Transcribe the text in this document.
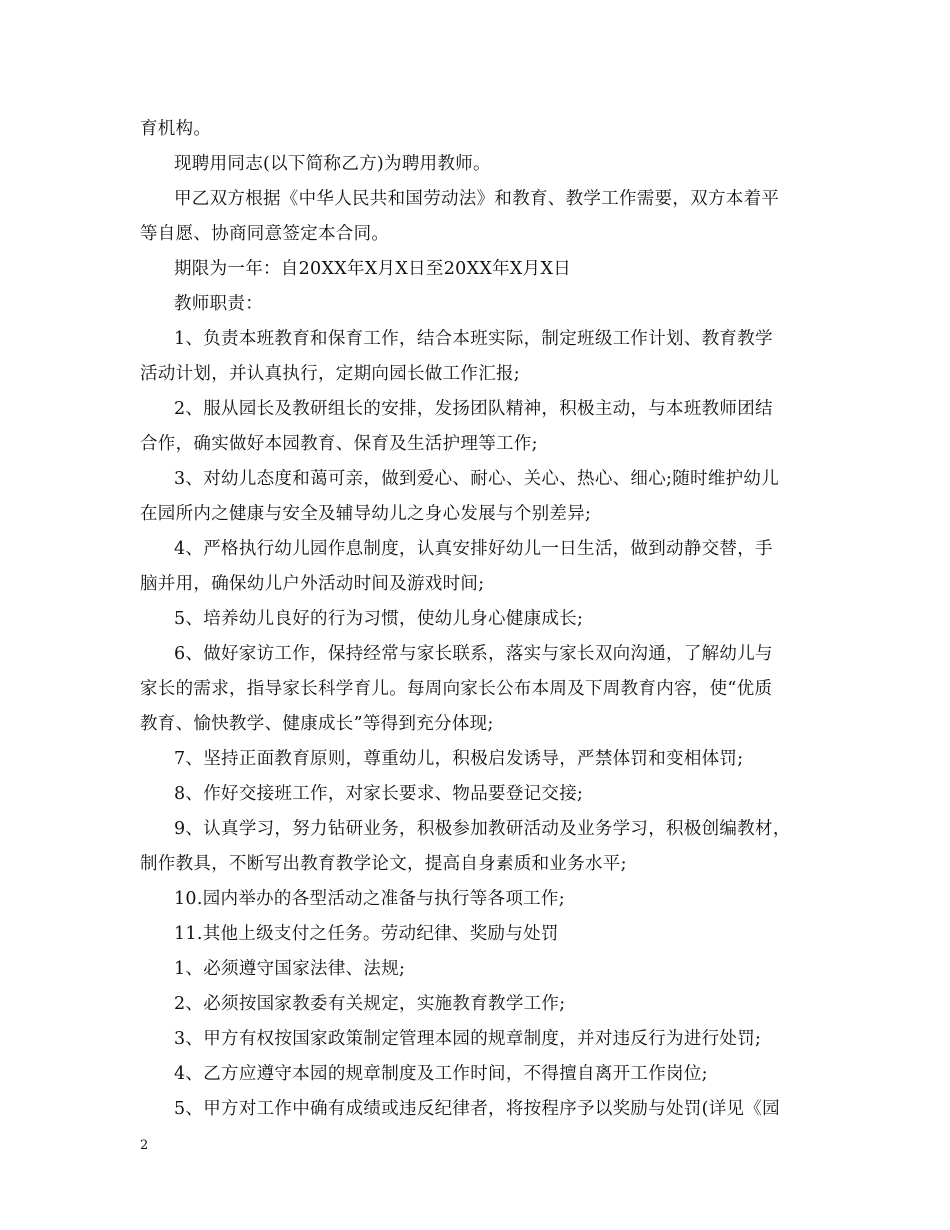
育机构。
现聘用同志(以下简称乙方)为聘用教师。
甲乙双方根据《中华人民共和国劳动法》和教育、教学工作需要，双方本着平
等自愿、协商同意签定本合同。
期限为一年：自20XX年X月X日至20XX年X月X日
教师职责：
1、负责本班教育和保育工作，结合本班实际，制定班级工作计划、教育教学
活动计划，并认真执行，定期向园长做工作汇报;
2、服从园长及教研组长的安排，发扬团队精神，积极主动，与本班教师团结
合作，确实做好本园教育、保育及生活护理等工作;
3、对幼儿态度和蔼可亲，做到爱心、耐心、关心、热心、细心;随时维护幼儿
在园所内之健康与安全及辅导幼儿之身心发展与个别差异;
4、严格执行幼儿园作息制度，认真安排好幼儿一日生活，做到动静交替，手
脑并用，确保幼儿户外活动时间及游戏时间;
5、培养幼儿良好的行为习惯，使幼儿身心健康成长;
6、做好家访工作，保持经常与家长联系，落实与家长双向沟通，了解幼儿与
家长的需求，指导家长科学育儿。每周向家长公布本周及下周教育内容，使“优质
教育、愉快教学、健康成长”等得到充分体现;
7、坚持正面教育原则，尊重幼儿，积极启发诱导，严禁体罚和变相体罚;
8、作好交接班工作，对家长要求、物品要登记交接;
9、认真学习，努力钻研业务，积极参加教研活动及业务学习，积极创编教材，
制作教具，不断写出教育教学论文，提高自身素质和业务水平;
10.园内举办的各型活动之准备与执行等各项工作;
11.其他上级支付之任务。劳动纪律、奖励与处罚
1、必须遵守国家法律、法规;
2、必须按国家教委有关规定，实施教育教学工作;
3、甲方有权按国家政策制定管理本园的规章制度，并对违反行为进行处罚;
4、乙方应遵守本园的规章制度及工作时间，不得擅自离开工作岗位;
5、甲方对工作中确有成绩或违反纪律者，将按程序予以奖励与处罚(详见《园
2
